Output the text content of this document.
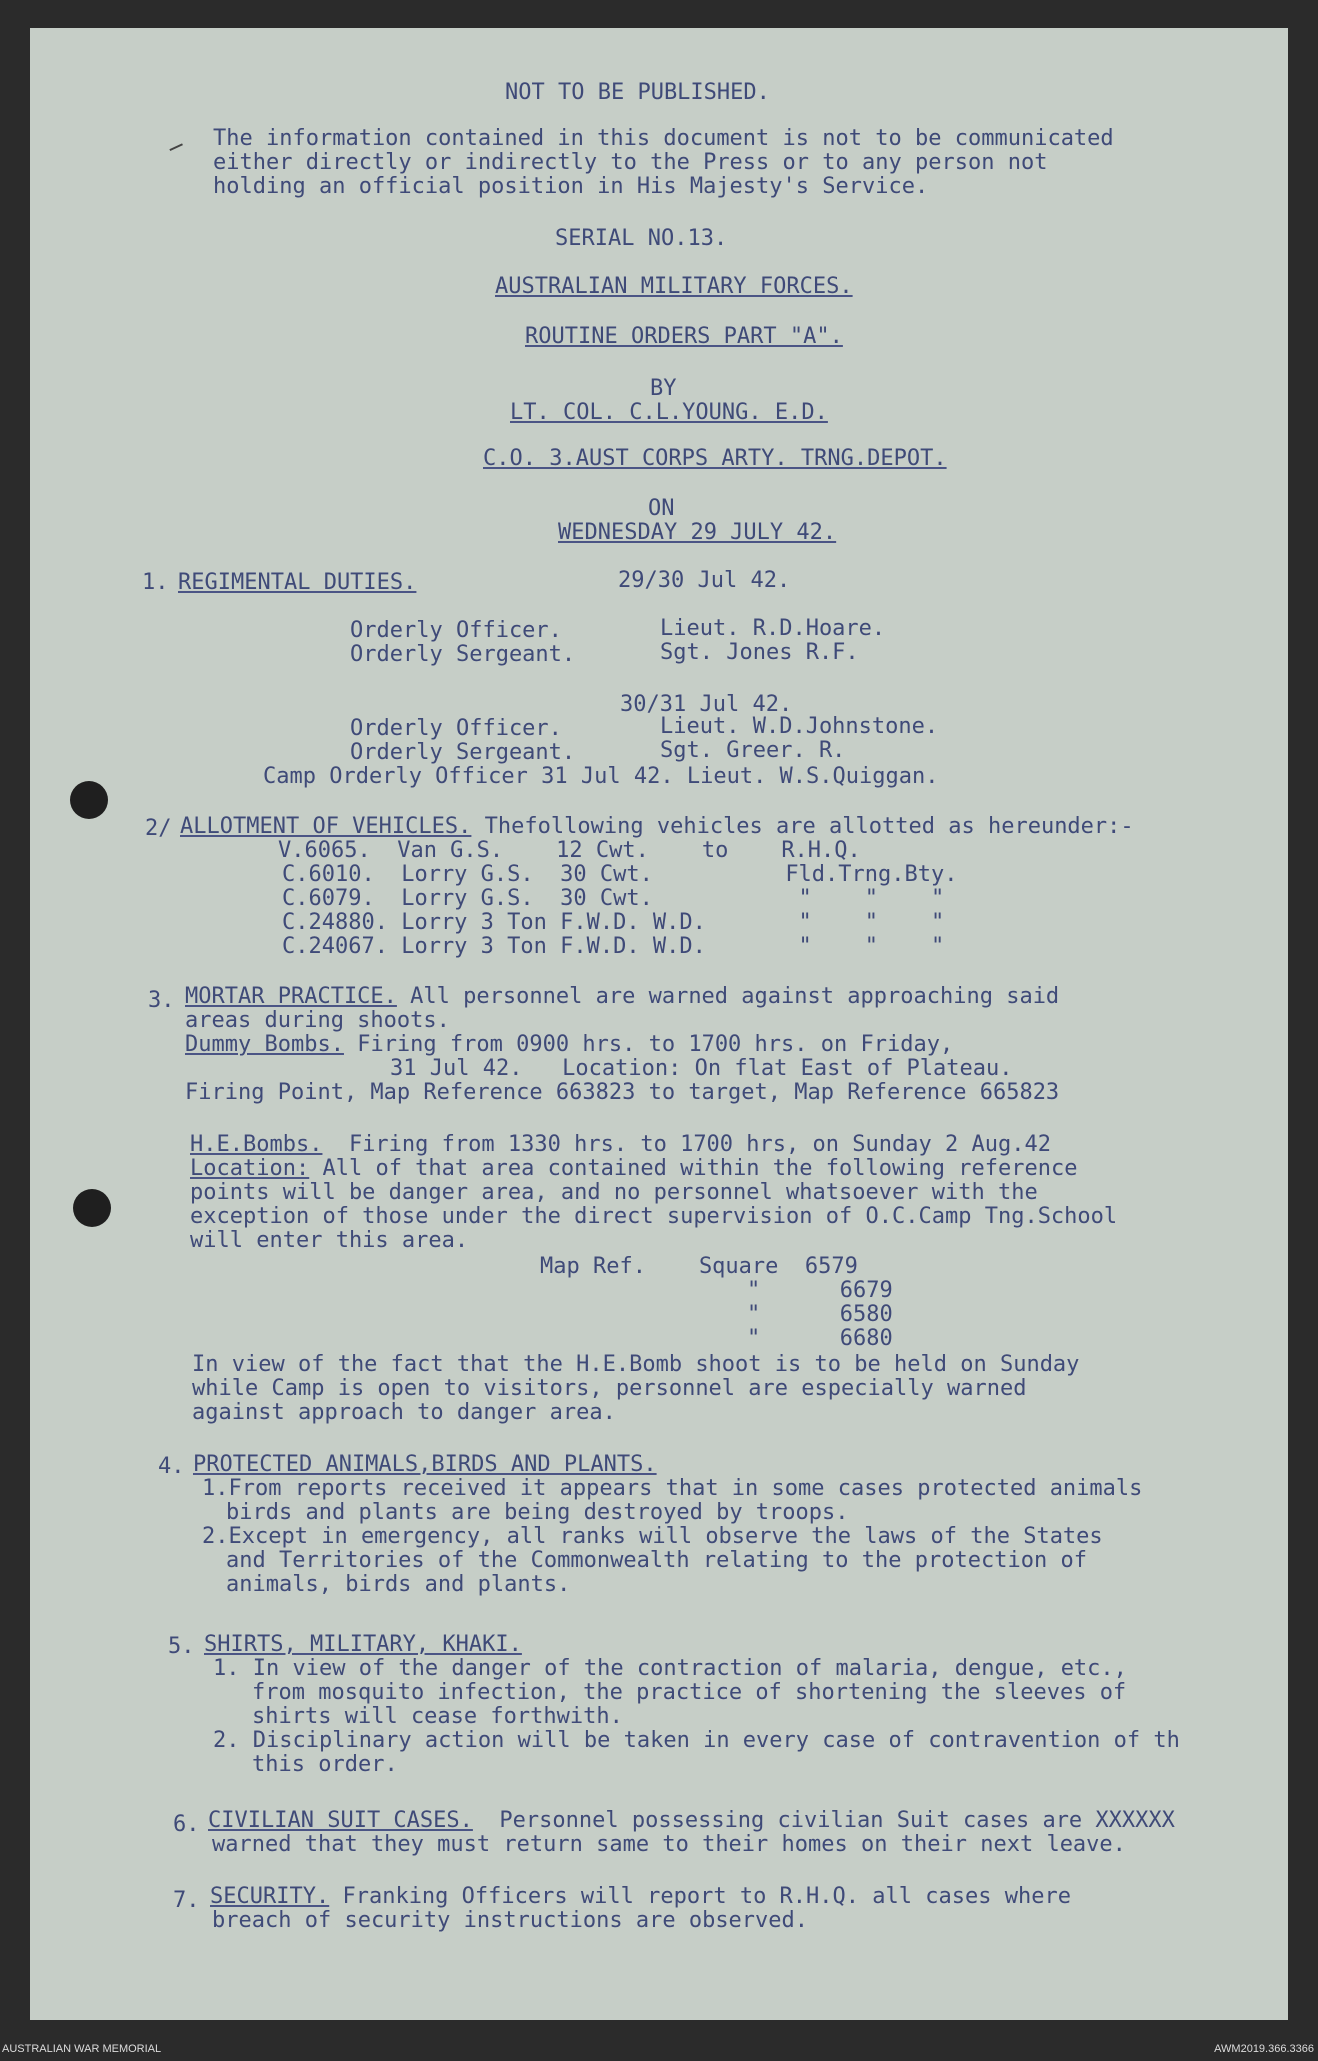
NOT TO BE PUBLISHED.
The information contained in this document is not to be communicated
either directly or indirectly to the Press or to any person not
holding an official position in His Majesty's Service.
SERIAL NO.13.
AUSTRALIAN MILITARY FORCES.
ROUTINE ORDERS PART "A".
BY
LT. COL. C.L.YOUNG. E.D.
C.O. 3.AUST CORPS ARTY. TRNG.DEPOT.
ON
WEDNESDAY 29 JULY 42.
1. REGIMENTAL DUTIES.	29/30 Jul 42.
Orderly Officer.	Lieut. R.D.Hoare.
Orderly Sergeant.	Sgt. Jones R.F.
30/31 Jul 42.
Orderly Officer.	Lieut. W.D.Johnstone.
Orderly Sergeant.	Sgt. Greer. R.
Camp Orderly Officer 31 Jul 42. Lieut. W.S.Quiggan.
2/ ALLOTMENT OF VEHICLES. Thefollowing vehicles are allotted as hereunder:-
V.6065.  Van G.S.    12 Cwt.    to    R.H.Q.
C.6010.  Lorry G.S.  30 Cwt.          Fld.Trng.Bty.
C.6079.  Lorry G.S.  30 Cwt.           "    "    "
C.24880. Lorry 3 Ton F.W.D. W.D.       "    "    "
C.24067. Lorry 3 Ton F.W.D. W.D.       "    "    "
3. MORTAR PRACTICE. All personnel are warned against approaching said
areas during shoots.
Dummy Bombs. Firing from 0900 hrs. to 1700 hrs. on Friday,
31 Jul 42.   Location: On flat East of Plateau.
Firing Point, Map Reference 663823 to target, Map Reference 665823
H.E.Bombs.  Firing from 1330 hrs. to 1700 hrs, on Sunday 2 Aug.42
Location: All of that area contained within the following reference
points will be danger area, and no personnel whatsoever with the
exception of those under the direct supervision of O.C.Camp Tng.School
will enter this area.
Map Ref.    Square  6579
"      6679
"      6580
"      6680
In view of the fact that the H.E.Bomb shoot is to be held on Sunday
while Camp is open to visitors, personnel are especially warned
against approach to danger area.
4. PROTECTED ANIMALS,BIRDS AND PLANTS.
1.From reports received it appears that in some cases protected animals
birds and plants are being destroyed by troops.
2.Except in emergency, all ranks will observe the laws of the States
and Territories of the Commonwealth relating to the protection of
animals, birds and plants.
5. SHIRTS, MILITARY, KHAKI.
1. In view of the danger of the contraction of malaria, dengue, etc.,
from mosquito infection, the practice of shortening the sleeves of
shirts will cease forthwith.
2. Disciplinary action will be taken in every case of contravention of th
this order.
6. CIVILIAN SUIT CASES.  Personnel possessing civilian Suit cases are XXXXXX
warned that they must return same to their homes on their next leave.
7. SECURITY. Franking Officers will report to R.H.Q. all cases where
breach of security instructions are observed.
AUSTRALIAN WAR MEMORIAL	AWM2019.366.3366
